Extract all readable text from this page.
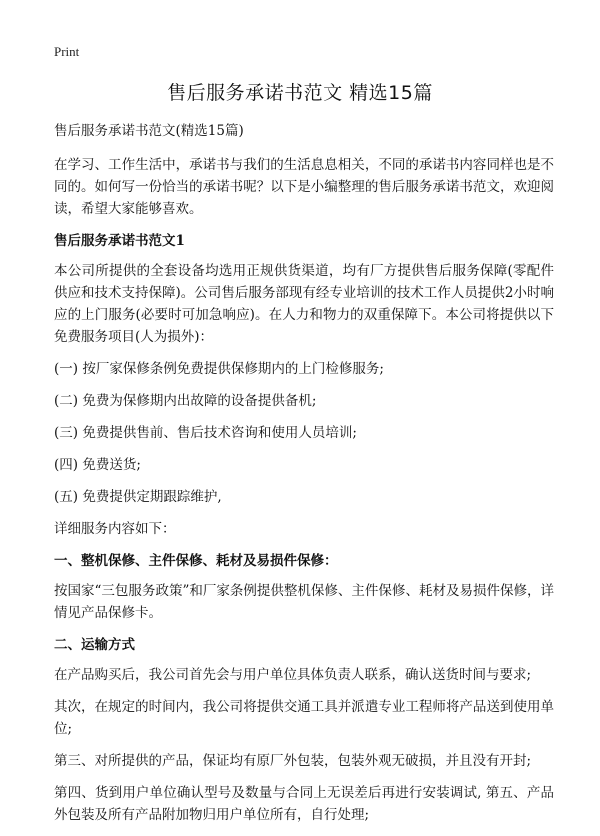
Print
售后服务承诺书范文 精选15篇

售后服务承诺书范文(精选15篇)

在学习、工作生活中，承诺书与我们的生活息息相关，不同的承诺书内容同样也是不同的。如何写一份恰当的承诺书呢？以下是小编整理的售后服务承诺书范文，欢迎阅读，希望大家能够喜欢。

售后服务承诺书范文1

本公司所提供的全套设备均选用正规供货渠道，均有厂方提供售后服务保障(零配件供应和技术支持保障)。公司售后服务部现有经专业培训的技术工作人员提供2小时响应的上门服务(必要时可加急响应)。在人力和物力的双重保障下。本公司将提供以下免费服务项目(人为损外)：

(一) 按厂家保修条例免费提供保修期内的上门检修服务;
(二) 免费为保修期内出故障的设备提供备机;
(三) 免费提供售前、售后技术咨询和使用人员培训;
(四) 免费送货;
(五) 免费提供定期跟踪维护,

详细服务内容如下：

一、整机保修、主件保修、耗材及易损件保修：

按国家“三包服务政策”和厂家条例提供整机保修、主件保修、耗材及易损件保修，详情见产品保修卡。

二、运输方式

在产品购买后，我公司首先会与用户单位具体负责人联系，确认送货时间与要求;

其次，在规定的时间内，我公司将提供交通工具并派遣专业工程师将产品送到使用单位;

第三、对所提供的产品，保证均有原厂外包装，包装外观无破损，并且没有开封;

第四、货到用户单位确认型号及数量与合同上无误差后再进行安装调试, 第五、产品外包装及所有产品附加物归用户单位所有，自行处理;
